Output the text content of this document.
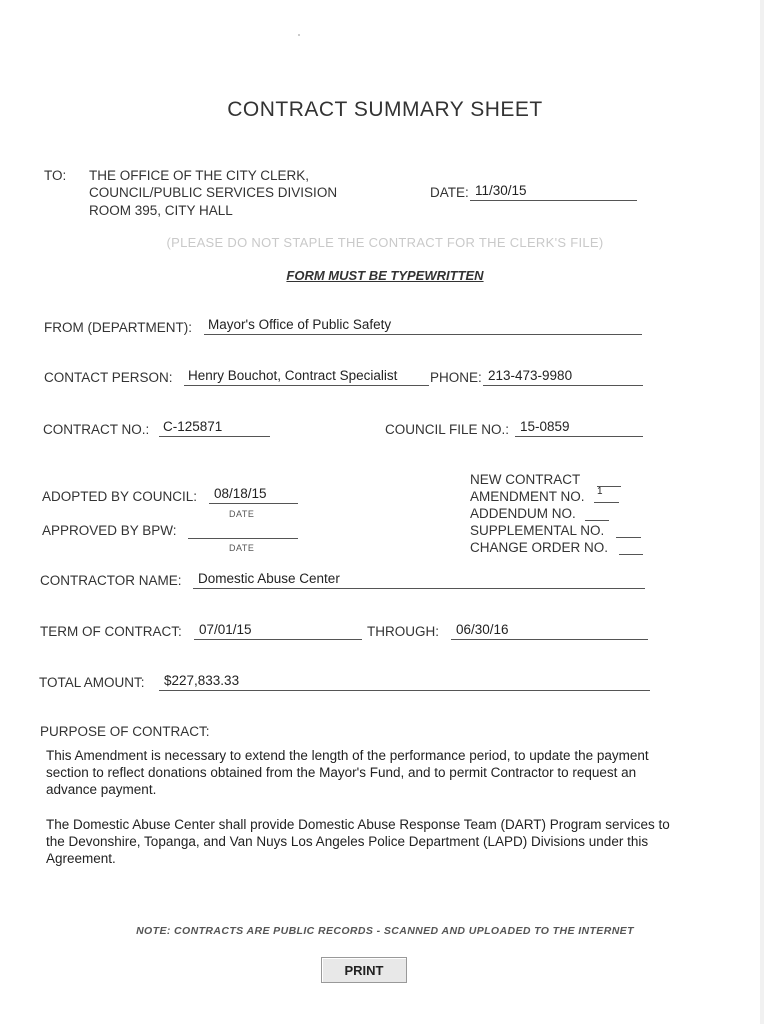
CONTRACT SUMMARY SHEET
TO: THE OFFICE OF THE CITY CLERK,
COUNCIL/PUBLIC SERVICES DIVISION
ROOM 395, CITY HALL
DATE: 11/30/15
(PLEASE DO NOT STAPLE THE CONTRACT FOR THE CLERK'S FILE)
FORM MUST BE TYPEWRITTEN
FROM (DEPARTMENT): Mayor's Office of Public Safety
CONTACT PERSON: Henry Bouchot, Contract Specialist PHONE: 213-473-9980
CONTRACT NO.: C-125871	COUNCIL FILE NO.: 15-0859
ADOPTED BY COUNCIL: 08/18/15
DATE
APPROVED BY BPW:
DATE
NEW CONTRACT
AMENDMENT NO. 1
ADDENDUM NO.
SUPPLEMENTAL NO.
CHANGE ORDER NO.
CONTRACTOR NAME: Domestic Abuse Center
TERM OF CONTRACT: 07/01/15	THROUGH: 06/30/16
TOTAL AMOUNT: $227,833.33
PURPOSE OF CONTRACT:
This Amendment is necessary to extend the length of the performance period, to update the payment section to reflect donations obtained from the Mayor's Fund, and to permit Contractor to request an advance payment.
The Domestic Abuse Center shall provide Domestic Abuse Response Team (DART) Program services to the Devonshire, Topanga, and Van Nuys Los Angeles Police Department (LAPD) Divisions under this Agreement.
NOTE: CONTRACTS ARE PUBLIC RECORDS - SCANNED AND UPLOADED TO THE INTERNET
PRINT
